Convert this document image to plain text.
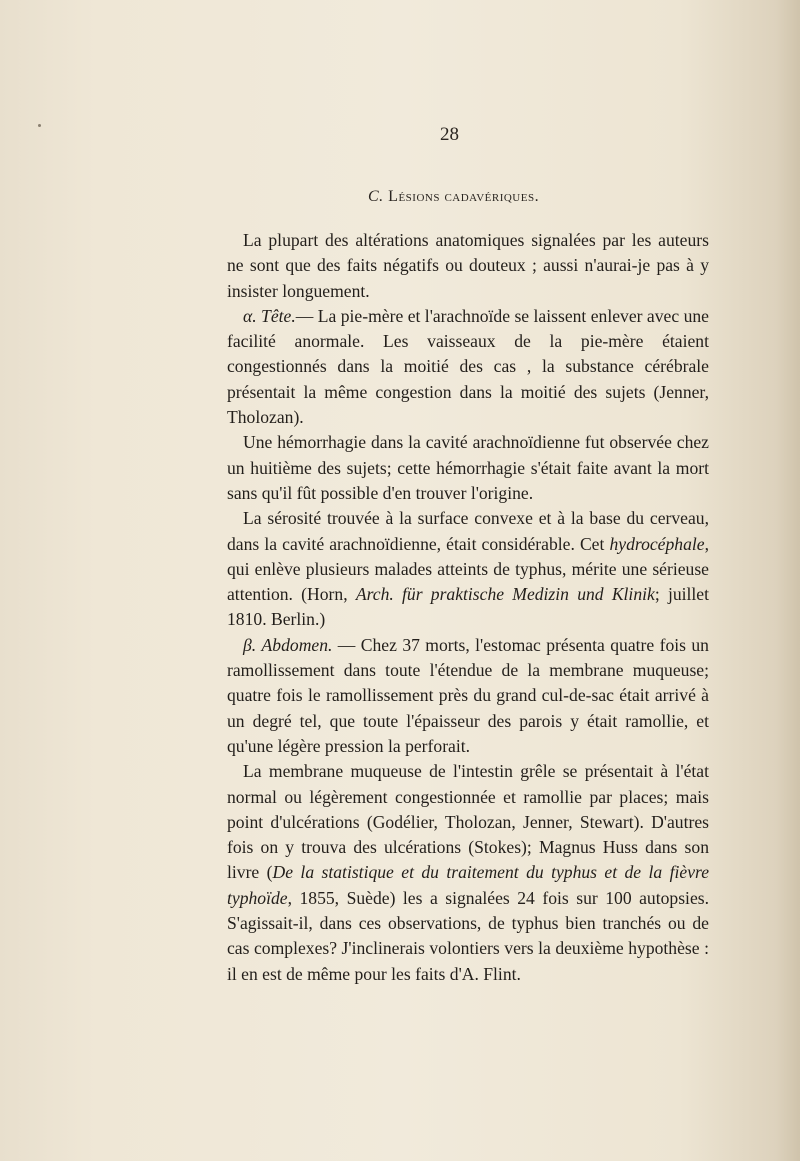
28
C. Lésions cadavériques.

La plupart des altérations anatomiques signalées par les auteurs ne sont que des faits négatifs ou douteux ; aussi n'aurai-je pas à y insister longuement.

α. Tête.— La pie-mère et l'arachnoïde se laissent enlever avec une facilité anormale. Les vaisseaux de la pie-mère étaient congestionnés dans la moitié des cas , la substance cérébrale présentait la même congestion dans la moitié des sujets (Jenner, Tholozan).

Une hémorrhagie dans la cavité arachnoïdienne fut observée chez un huitième des sujets; cette hémorrhagie s'était faite avant la mort sans qu'il fût possible d'en trouver l'origine.

La sérosité trouvée à la surface convexe et à la base du cerveau, dans la cavité arachnoïdienne, était considérable. Cet hydrocéphale, qui enlève plusieurs malades atteints de typhus, mérite une sérieuse attention. (Horn, Arch. für praktische Medizin und Klinik; juillet 1810. Berlin.)

β. Abdomen. — Chez 37 morts, l'estomac présenta quatre fois un ramollissement dans toute l'étendue de la membrane muqueuse; quatre fois le ramollissement près du grand cul-de-sac était arrivé à un degré tel, que toute l'épaisseur des parois y était ramollie, et qu'une légère pression la perforait.

La membrane muqueuse de l'intestin grêle se présentait à l'état normal ou légèrement congestionnée et ramollie par places; mais point d'ulcérations (Godélier, Tholozan, Jenner, Stewart). D'autres fois on y trouva des ulcérations (Stokes); Magnus Huss dans son livre (De la statistique et du traitement du typhus et de la fièvre typhoïde, 1855, Suède) les a signalées 24 fois sur 100 autopsies. S'agissait-il, dans ces observations, de typhus bien tranchés ou de cas complexes? J'inclinerais volontiers vers la deuxième hypothèse : il en est de même pour les faits d'A. Flint.
